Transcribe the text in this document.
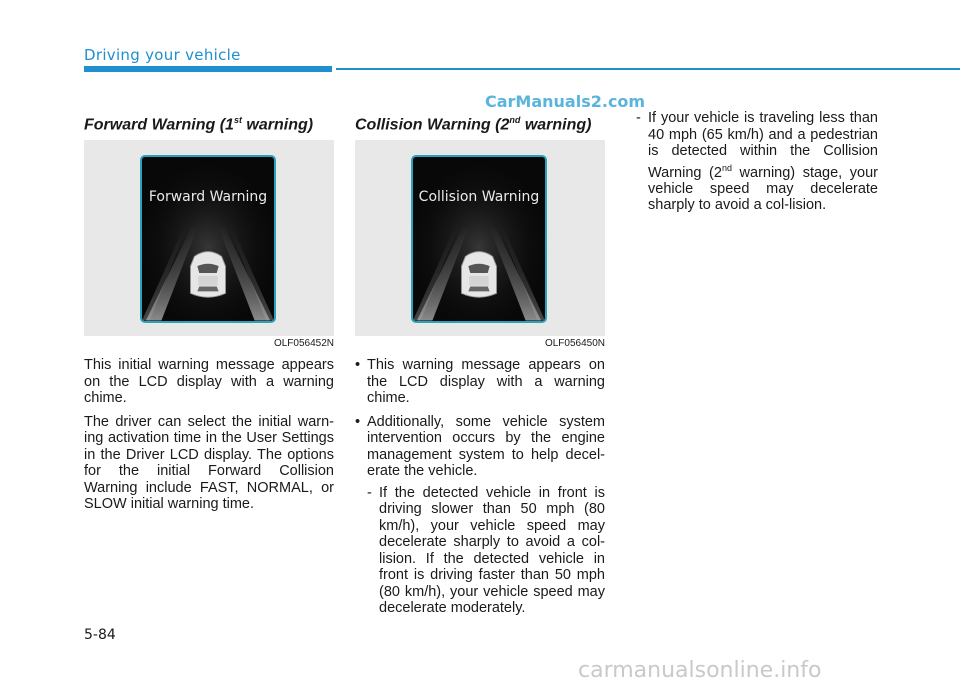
Driving your vehicle
CarManuals2.com
Forward Warning (1st warning)
Forward Warning
OLF056452N

This initial warning message appears on the LCD display with a warning chime.

The driver can select the initial warn-ing activation time in the User Settings in the Driver LCD display. The options for the initial Forward Collision Warning include FAST, NORMAL, or SLOW initial warning time.

Collision Warning (2nd warning)
Collision Warning
OLF056450N
• This warning message appears on the LCD display with a warning chime.
• Additionally, some vehicle system intervention occurs by the engine management system to help decel-erate the vehicle.
- If the detected vehicle in front is driving slower than 50 mph (80 km/h), your vehicle speed may decelerate sharply to avoid a col-lision. If the detected vehicle in front is driving faster than 50 mph (80 km/h), your vehicle speed may decelerate moderately.
- If your vehicle is traveling less than 40 mph (65 km/h) and a pedestrian is detected within the Collision Warning (2nd warning) stage, your vehicle speed may decelerate sharply to avoid a col-lision.
5-84
carmanualsonline.info
